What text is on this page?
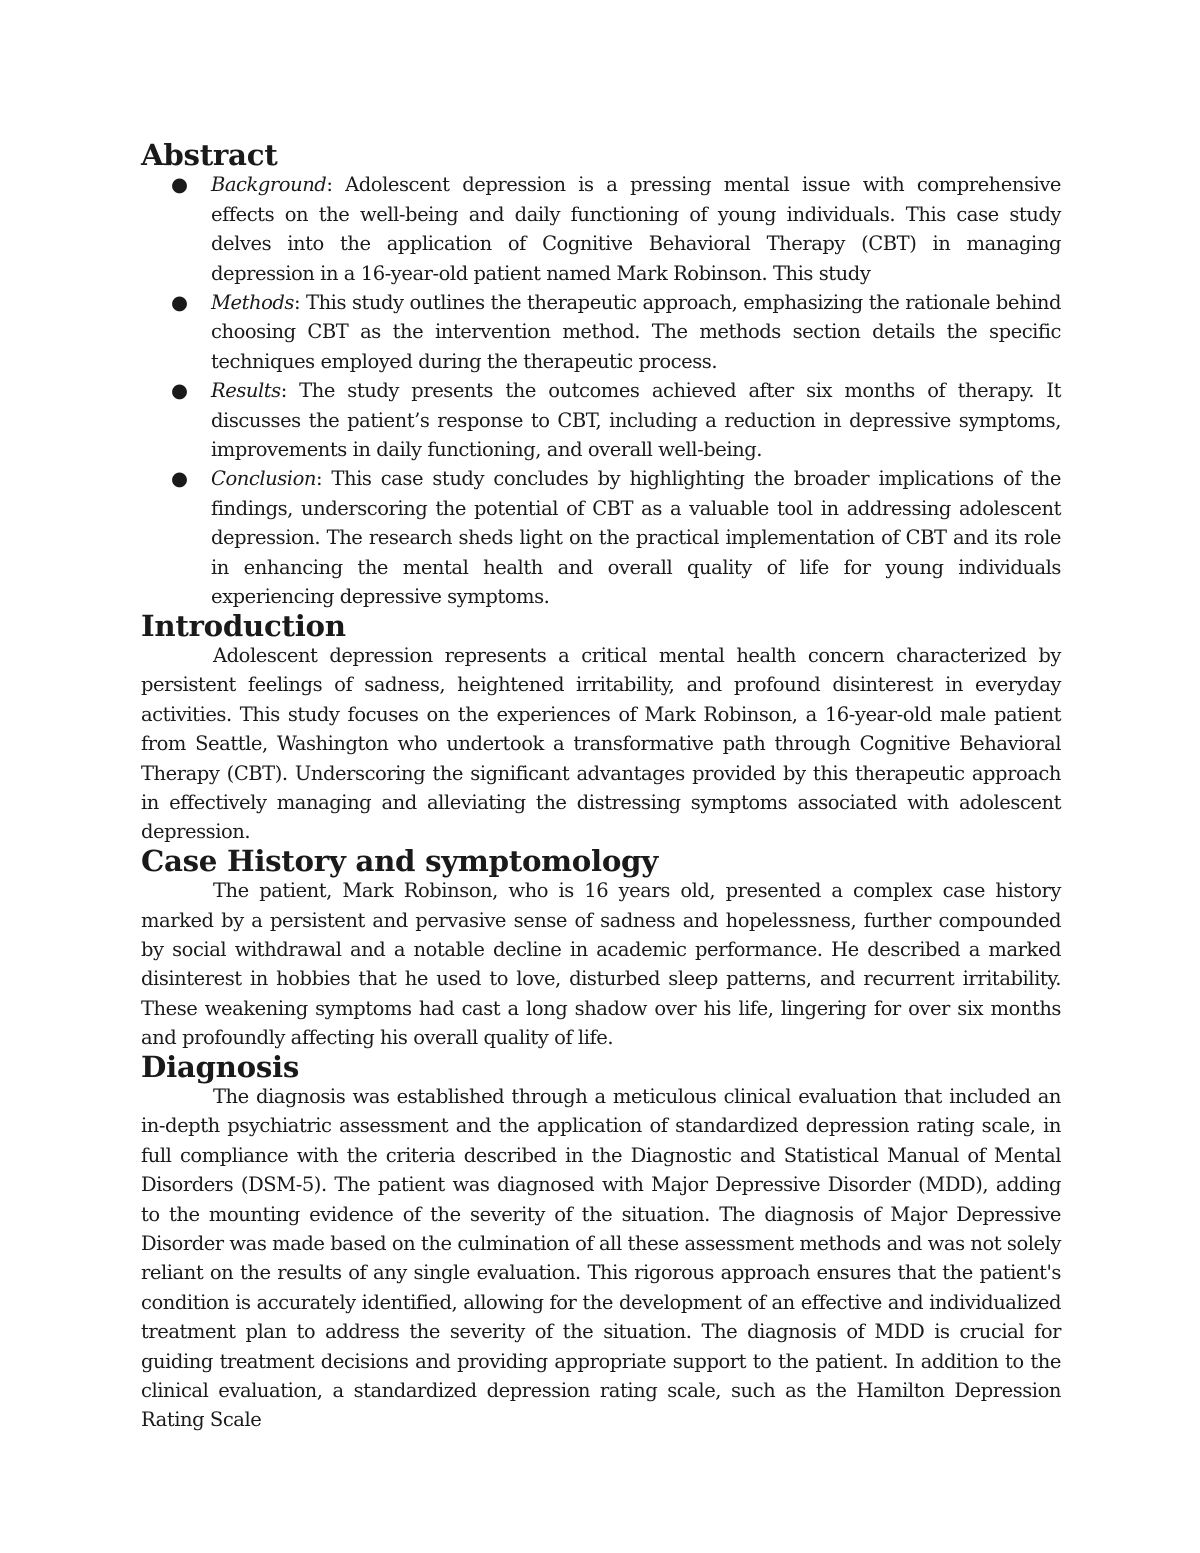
Abstract
● Background: Adolescent depression is a pressing mental issue with comprehensive effects on the well-being and daily functioning of young individuals. This case study delves into the application of Cognitive Behavioral Therapy (CBT) in managing depression in a 16-year-old patient named Mark Robinson. This study
● Methods: This study outlines the therapeutic approach, emphasizing the rationale behind choosing CBT as the intervention method. The methods section details the specific techniques employed during the therapeutic process.
● Results: The study presents the outcomes achieved after six months of therapy. It discusses the patient’s response to CBT, including a reduction in depressive symptoms, improvements in daily functioning, and overall well-being.
● Conclusion: This case study concludes by highlighting the broader implications of the findings, underscoring the potential of CBT as a valuable tool in addressing adolescent depression. The research sheds light on the practical implementation of CBT and its role in enhancing the mental health and overall quality of life for young individuals experiencing depressive symptoms.
Introduction

Adolescent depression represents a critical mental health concern characterized by persistent feelings of sadness, heightened irritability, and profound disinterest in everyday activities. This study focuses on the experiences of Mark Robinson, a 16-year-old male patient from Seattle, Washington who undertook a transformative path through Cognitive Behavioral Therapy (CBT). Underscoring the significant advantages provided by this therapeutic approach in effectively managing and alleviating the distressing symptoms associated with adolescent depression.

Case History and symptomology

The patient, Mark Robinson, who is 16 years old, presented a complex case history marked by a persistent and pervasive sense of sadness and hopelessness, further compounded by social withdrawal and a notable decline in academic performance. He described a marked disinterest in hobbies that he used to love, disturbed sleep patterns, and recurrent irritability. These weakening symptoms had cast a long shadow over his life, lingering for over six months and profoundly affecting his overall quality of life.

Diagnosis

The diagnosis was established through a meticulous clinical evaluation that included an in-depth psychiatric assessment and the application of standardized depression rating scale, in full compliance with the criteria described in the Diagnostic and Statistical Manual of Mental Disorders (DSM-5). The patient was diagnosed with Major Depressive Disorder (MDD), adding to the mounting evidence of the severity of the situation. The diagnosis of Major Depressive Disorder was made based on the culmination of all these assessment methods and was not solely reliant on the results of any single evaluation. This rigorous approach ensures that the patient's condition is accurately identified, allowing for the development of an effective and individualized treatment plan to address the severity of the situation. The diagnosis of MDD is crucial for guiding treatment decisions and providing appropriate support to the patient. In addition to the clinical evaluation, a standardized depression rating scale, such as the Hamilton Depression Rating Scale
